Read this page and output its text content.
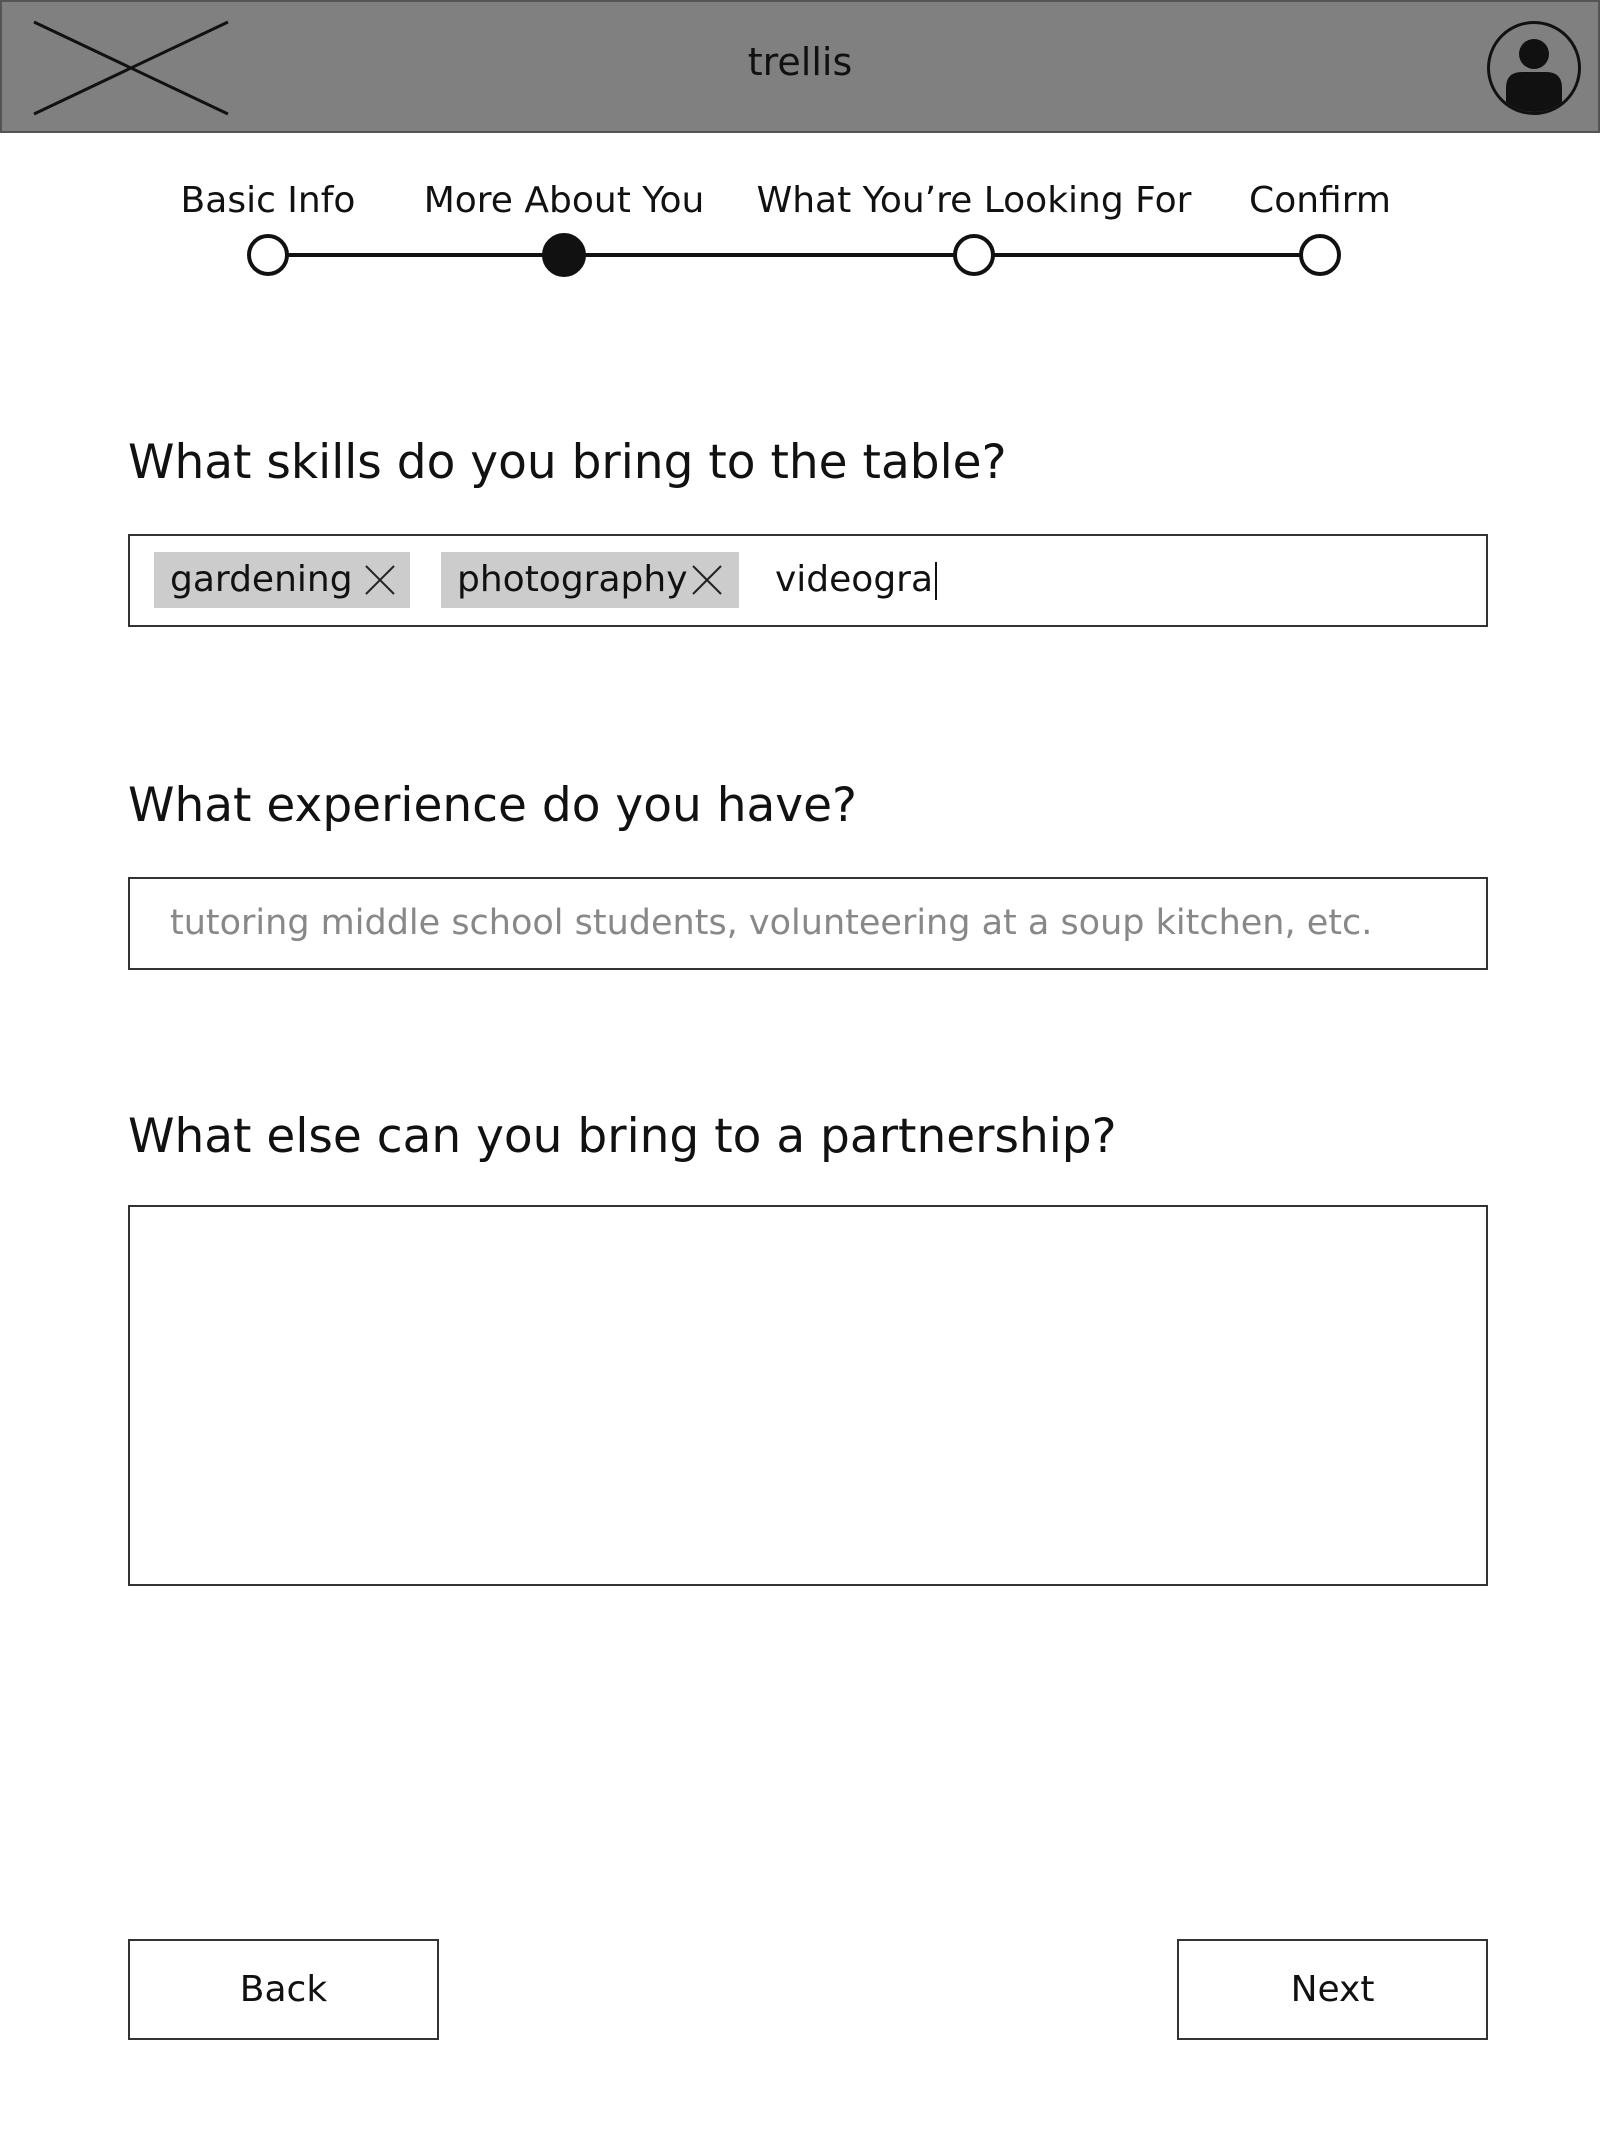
trellis
Basic Info More About You What You’re Looking For Confirm
What skills do you bring to the table?
gardening	photography	videogra
What experience do you have?
tutoring middle school students, volunteering at a soup kitchen, etc.
What else can you bring to a partnership?
Back	Next
